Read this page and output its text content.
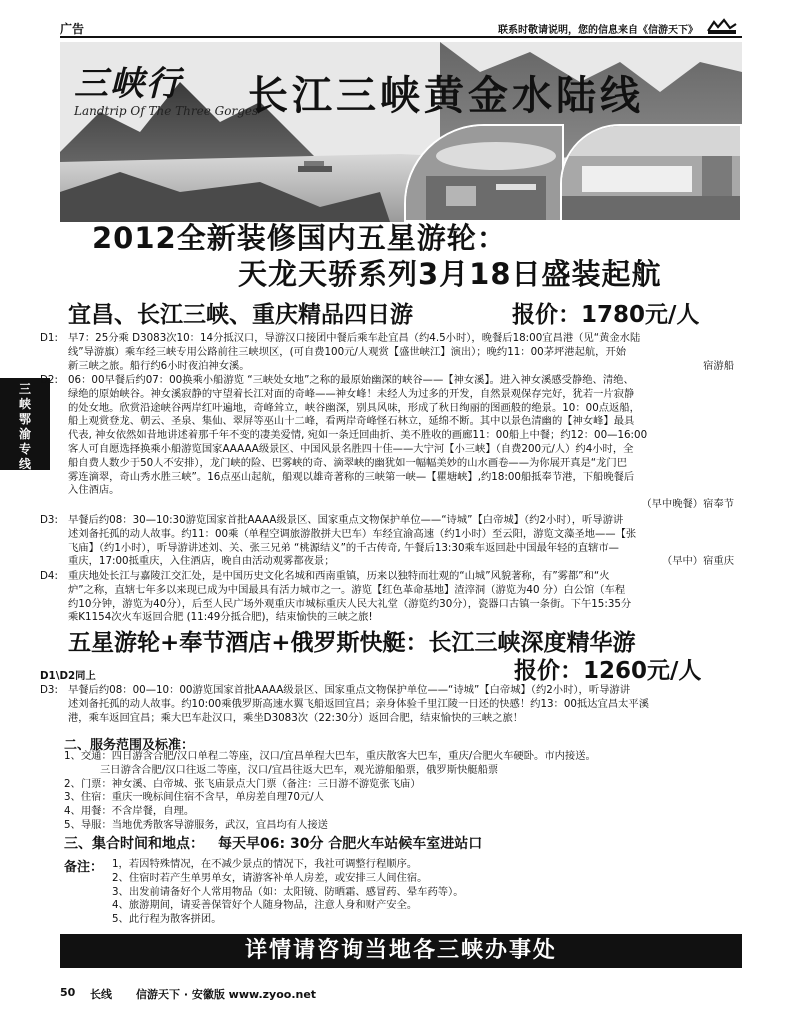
广告	联系时敬请说明，您的信息来自《信游天下》
三
峡
鄂
渝
专
线
三峡行
Landtrip Of The Three Gorges
长江三峡黄金水陆线
2012全新装修国内五星游轮：
天龙天骄系列3月18日盛装起航
宜昌、长江三峡、重庆精品四日游	报价：1780元/人
D1: 早7：25分乘 D3083次10：14分抵汉口，导游汉口接团中餐后乘车赴宜昌（约4.5小时），晚餐后18:00宜昌港（见“黄金水陆
线”导游旗）乘车经三峡专用公路前往三峡坝区，(可自费100元/人观赏【盛世峡江】演出）；晚约11：00茅坪港起航，开始
新三峡之旅。船行约6小时夜泊神女溪。	宿游船
D2: 06：00早餐后约07：00换乘小船游览 “三峡处女地”之称的最原始幽深的峡谷——【神女溪】。进入神女溪感受静绝、清绝、
绿绝的原始峡谷。神女溪寂静的守望着长江对面的奇峰——神女峰！未经人为过多的开发，自然景观保存完好，犹若一片寂静
的处女地。欣赏沿途峡谷两岸红叶遍地，奇峰耸立，峡谷幽深，别具风味，形成了秋日绚丽的图画般的绝景。10：00点返船，
船上观赏登龙、朝云、圣泉、集仙、翠屏等巫山十二峰，看两岸奇峰怪石林立，延绵不断。其中以景色清幽的【神女峰】最具
代表, 神女依然如昔地讲述着那千年不变的凄美爱情, 宛如一条迁回曲折、美不胜收的画廊11：00船上中餐；约12：00—16:00
客人可自愿选择换乘小船游览国家AAAAA级景区、中国风景名胜四十佳——大宁河【小三峡】（自费200元/人）约4小时，全
船自费人数少于50人不安排），龙门峡的险、巴雾峡的奇、滴翠峡的幽犹如一幅幅美妙的山水画卷——为你展开真是“龙门巴
雾连滴翠，奇山秀水胜三峡”。16点巫山起航，船观以雄奇著称的三峡第一峡—【瞿塘峡】,约18:00船抵奉节港，下船晚餐后
入住酒店。
（早中晚餐）宿奉节
D3: 早餐后约08：30—10:30游览国家首批AAAA级景区、国家重点文物保护单位——“诗城”【白帝城】（约2小时），听导游讲
述刘备托孤的动人故事。约11：00乘（单程空调旅游散拼大巴车）车经宜渝高速（约1小时）至云阳，游览文藻圣地——【张
飞庙】（约1小时），听导游讲述刘、关、张三兄弟 “桃源结义”的千古传奇, 午餐后13:30乘车返回赴中国最年轻的直辖市—
重庆，17:00抵重庆，入住酒店，晚自由活动观雾都夜景；	（早中）宿重庆
D4: 重庆地处长江与嘉陵江交汇处，是中国历史文化名城和西南重镇，历来以独特而壮观的“山城”风貌著称，有”雾都”和“火
炉”之称，直辖七年多以来现已成为中国最具有活力城市之一。游览【红色革命基地】渣滓洞（游览为40 分）白公馆（车程
约10分钟，游览为40分），后至人民广场外观重庆市城标重庆人民大礼堂（游览约30分），瓷器口古镇一条街。下午15:35分
乘K1154次火车返回合肥 (11:49分抵合肥)，结束愉快的三峡之旅!
五星游轮+奉节酒店+俄罗斯快艇：长江三峡深度精华游
报价：1260元/人
D1\D2同上
D3: 早餐后约08：00—10：00游览国家首批AAAA级景区、国家重点文物保护单位——“诗城”【白帝城】（约2小时），听导游讲
述刘备托孤的动人故事。约10:00乘俄罗斯高速水翼飞船返回宜昌；亲身体验千里江陵一日还的快感！约13：00抵达宜昌太平溪
港，乘车返回宜昌；乘大巴车赴汉口，乘坐D3083次（22:30分）返回合肥，结束愉快的三峡之旅！
二、服务范围及标准：
1、交通：四日游含合肥/汉口单程二等座，汉口/宜昌单程大巴车，重庆散客大巴车，重庆/合肥火车硬卧。市内接送。
三日游含合肥/汉口往返二等座，汉口/宜昌往返大巴车，观光游船船票，俄罗斯快艇船票
2、门票：神女溪、白帝城、张飞庙景点大门票（备注：三日游不游览张飞庙）
3、住宿：重庆一晚标间住宿不含早，单房差自理70元/人
4、用餐：不含岸餐，自理。
5、导服：当地优秀散客导游服务，武汉，宜昌均有人接送
三、集合时间和地点： 每天早06: 30分 合肥火车站候车室进站口
备注： 1，若因特殊情况，在不减少景点的情况下，我社可调整行程顺序。
2、住宿时若产生单男单女，请游客补单人房差，或安排三人间住宿。
3、出发前请备好个人常用物品（如：太阳镜、防晒霜、感冒药、晕车药等）。
4、旅游期间，请妥善保管好个人随身物品，注意人身和财产安全。
5、此行程为散客拼团。
详情请咨询当地各三峡办事处
50 长线 信游天下 · 安徽版 www.zyoo.net
